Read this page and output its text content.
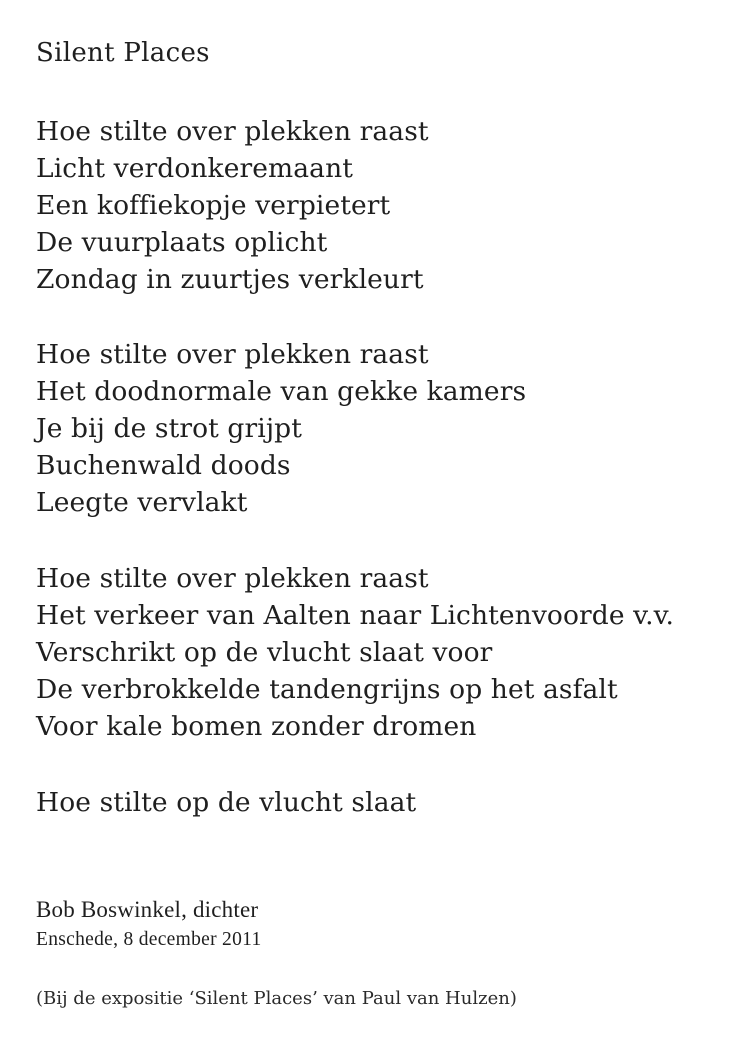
Silent Places
Hoe stilte over plekken raast
Licht verdonkeremaant
Een koffiekopje verpietert
De vuurplaats oplicht
Zondag in zuurtjes verkleurt
Hoe stilte over plekken raast
Het doodnormale van gekke kamers
Je bij de strot grijpt
Buchenwald doods
Leegte vervlakt
Hoe stilte over plekken raast
Het verkeer van Aalten naar Lichtenvoorde v.v.
Verschrikt op de vlucht slaat voor
De verbrokkelde tandengrijns op het asfalt
Voor kale bomen zonder dromen
Hoe stilte op de vlucht slaat
Bob Boswinkel, dichter
Enschede, 8 december 2011
(Bij de expositie ‘Silent Places’ van Paul van Hulzen)
